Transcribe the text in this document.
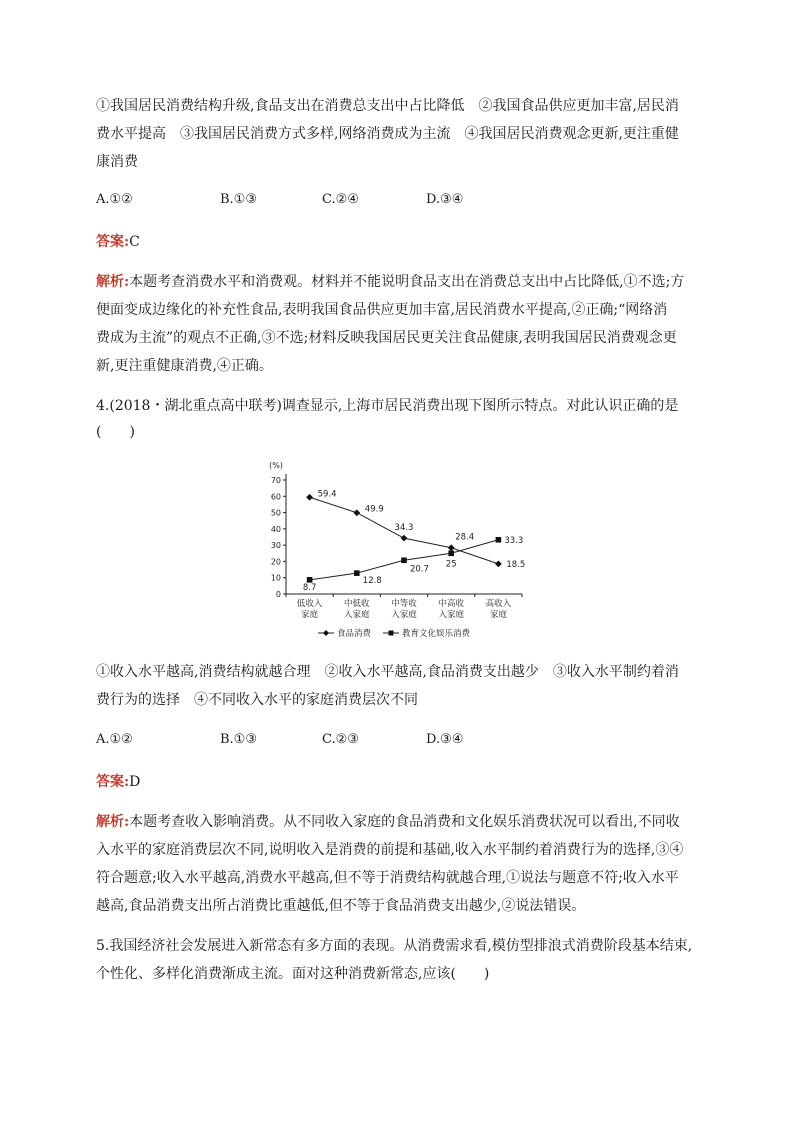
①我国居民消费结构升级,食品支出在消费总支出中占比降低　②我国食品供应更加丰富,居民消
费水平提高　③我国居民消费方式多样,网络消费成为主流　④我国居民消费观念更新,更注重健
康消费
A.①②	B.①③	C.②④	D.③④
答案:C
解析:本题考查消费水平和消费观。材料并不能说明食品支出在消费总支出中占比降低,①不选;方
便面变成边缘化的补充性食品,表明我国食品供应更加丰富,居民消费水平提高,②正确;“网络消
费成为主流”的观点不正确,③不选;材料反映我国居民更关注食品健康,表明我国居民消费观念更
新,更注重健康消费,④正确。
4.(2018・湖北重点高中联考)调查显示,上海市居民消费出现下图所示特点。对此认识正确的是
(　　)
(%)
0
10
20
30
40
50
60
70
低收入
家庭
中低收
入家庭
中等收
入家庭
中高收
入家庭
高收入
家庭
59.4
49.9
34.3
28.4
18.5
8.7
12.8
20.7
25
33.3
食品消费	教育文化娱乐消费
①收入水平越高,消费结构就越合理　②收入水平越高,食品消费支出越少　③收入水平制约着消
费行为的选择　④不同收入水平的家庭消费层次不同
A.①②	B.①③	C.②③	D.③④
答案:D
解析:本题考查收入影响消费。从不同收入家庭的食品消费和文化娱乐消费状况可以看出,不同收
入水平的家庭消费层次不同,说明收入是消费的前提和基础,收入水平制约着消费行为的选择,③④
符合题意;收入水平越高,消费水平越高,但不等于消费结构就越合理,①说法与题意不符;收入水平
越高,食品消费支出所占消费比重越低,但不等于食品消费支出越少,②说法错误。
5.我国经济社会发展进入新常态有多方面的表现。从消费需求看,模仿型排浪式消费阶段基本结束,
个性化、多样化消费渐成主流。面对这种消费新常态,应该(　　)
